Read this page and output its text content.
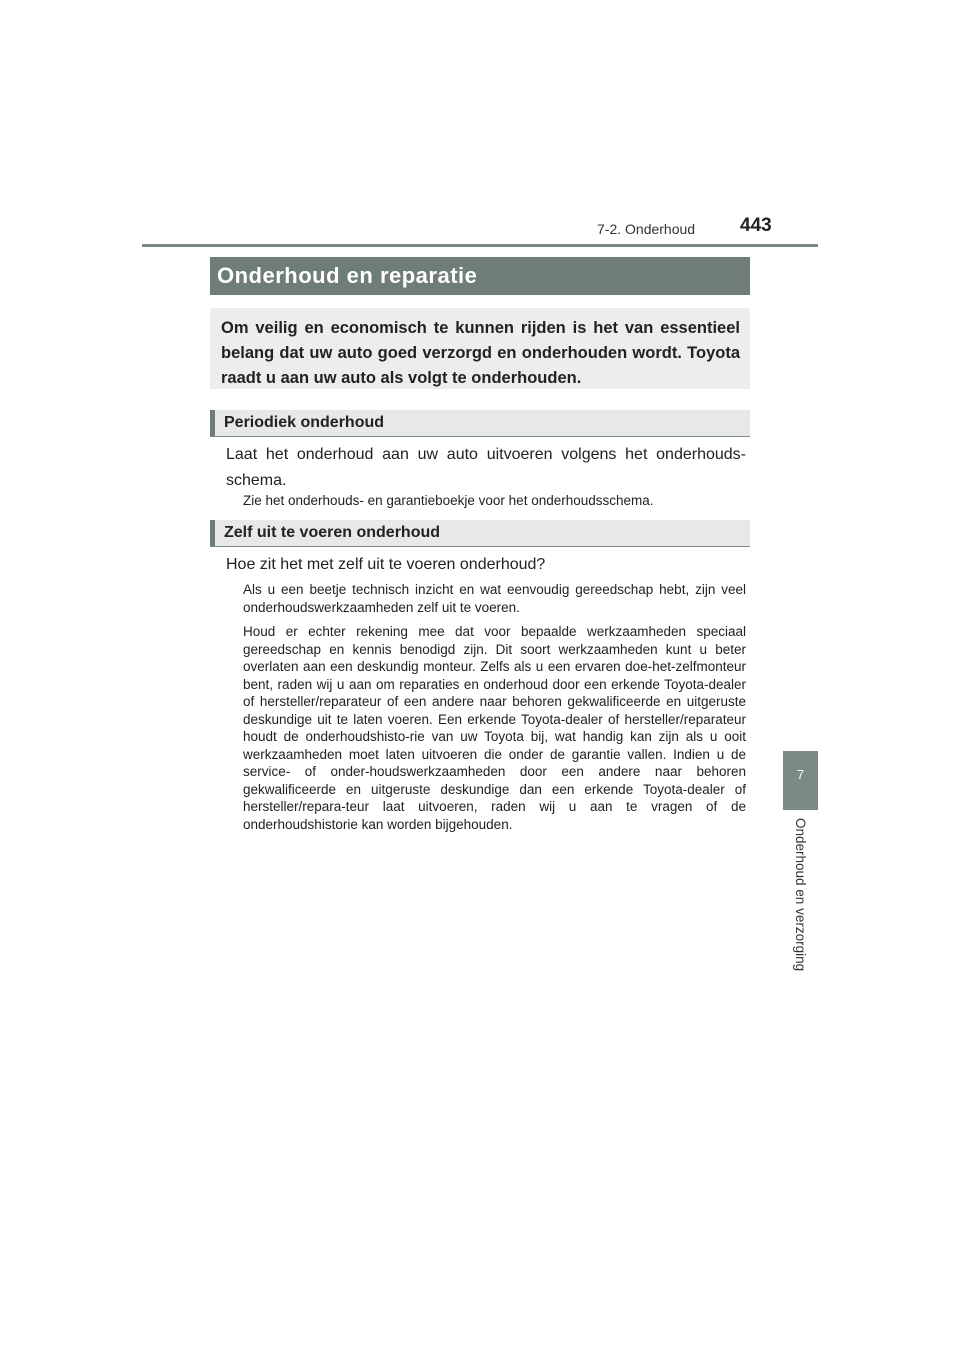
7-2. Onderhoud 443
Onderhoud en reparatie
Om veilig en economisch te kunnen rijden is het van essentieel belang dat uw auto goed verzorgd en onderhouden wordt. Toyota raadt u aan uw auto als volgt te onderhouden.
Periodiek onderhoud
Laat het onderhoud aan uw auto uitvoeren volgens het onderhouds-schema.
Zie het onderhouds- en garantieboekje voor het onderhoudsschema.
Zelf uit te voeren onderhoud
Hoe zit het met zelf uit te voeren onderhoud?
Als u een beetje technisch inzicht en wat eenvoudig gereedschap hebt, zijn veel onderhoudswerkzaamheden zelf uit te voeren.
Houd er echter rekening mee dat voor bepaalde werkzaamheden speciaal gereedschap en kennis benodigd zijn. Dit soort werkzaamheden kunt u beter overlaten aan een deskundig monteur. Zelfs als u een ervaren doe-het-zelfmonteur bent, raden wij u aan om reparaties en onderhoud door een erkende Toyota-dealer of hersteller/reparateur of een andere naar behoren gekwalificeerde en uitgeruste deskundige uit te laten voeren. Een erkende Toyota-dealer of hersteller/reparateur houdt de onderhoudshisto-rie van uw Toyota bij, wat handig kan zijn als u ooit werkzaamheden moet laten uitvoeren die onder de garantie vallen. Indien u de service- of onder-houdswerkzaamheden door een andere naar behoren gekwalificeerde en uitgeruste deskundige dan een erkende Toyota-dealer of hersteller/repara-teur laat uitvoeren, raden wij u aan te vragen of de onderhoudshistorie kan worden bijgehouden.
7
Onderhoud en verzorging
